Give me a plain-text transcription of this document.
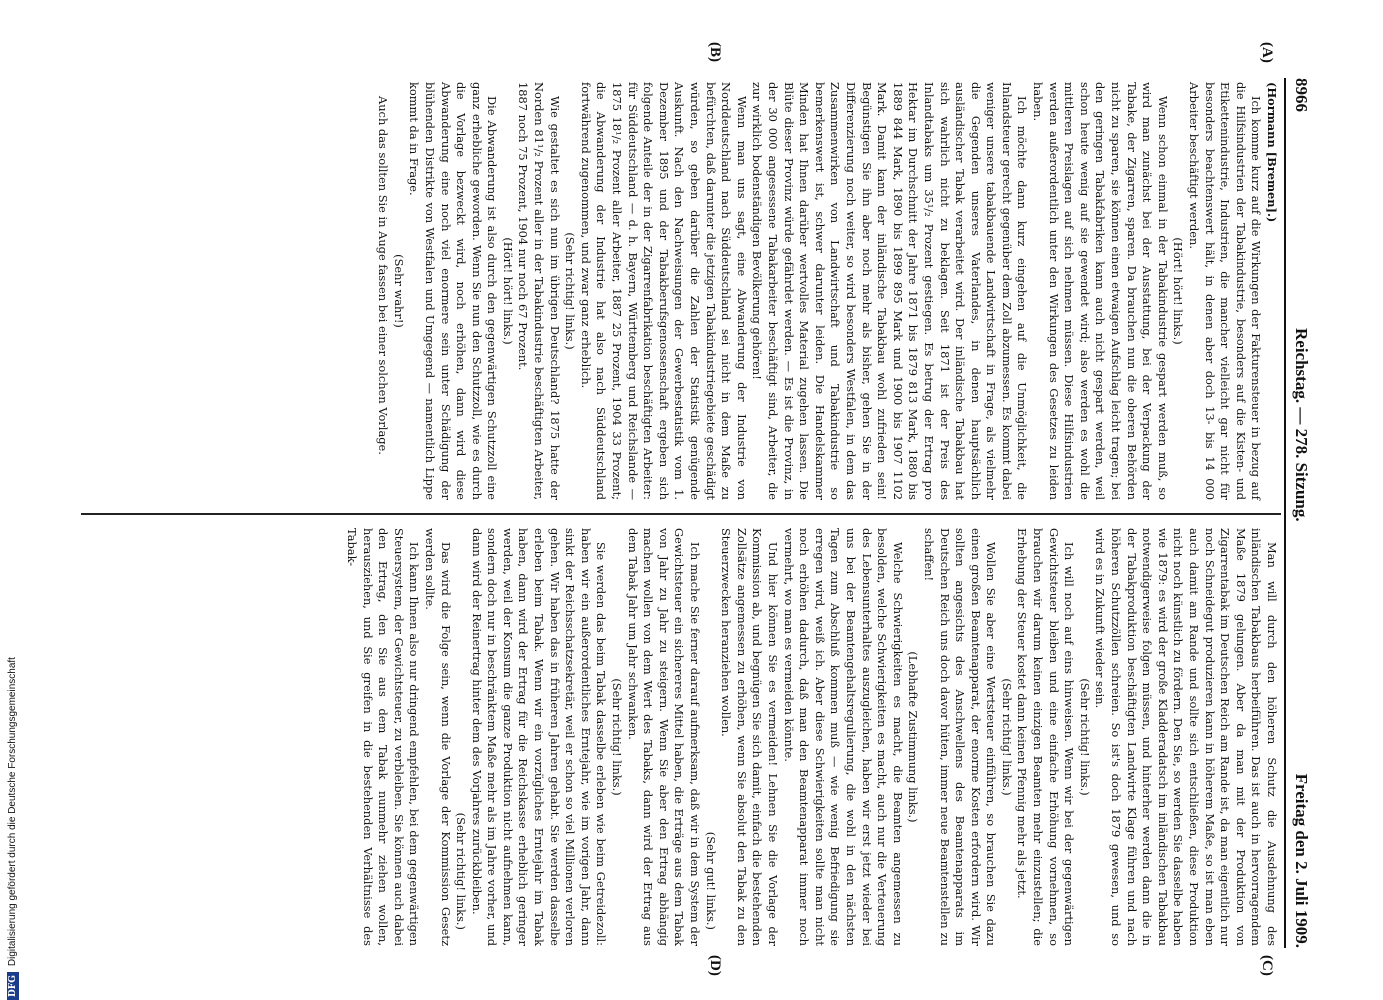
8966
Reichstag. — 278. Sitzung.
Freitag den 2. Juli 1909.
(A)
(B)
(C)
(D)

(Hormann [Bremen].)

Ich komme kurz auf die Wirkungen der Fakturensteuer in bezug auf die Hilfsindustrien der Tabakindustrie, besonders auf die Kisten- und Etikettenindustrie, Industrien, die mancher vielleicht gar nicht für besonders beachtenswert hält, in denen aber doch 13- bis 14 000 Arbeiter beschäftigt werden.

(Hört! hört! links.)

Wenn schon einmal in der Tabakindustrie gespart werden muß, so wird man zunächst bei der Ausstattung, bei der Verpackung der Tabake, der Zigarren, sparen. Da brauchen nun die oberen Behörden nicht zu sparen, sie können einen etwaigen Aufschlag leicht tragen; bei den geringen Tabakfabriken kann auch nicht gespart werden, weil schon heute wenig auf sie gewendet wird; also werden es wohl die mittleren Preislagen auf sich nehmen müssen. Diese Hilfsindustrien werden außerordentlich unter den Wirkungen des Gesetzes zu leiden haben.

Ich möchte dann kurz eingehen auf die Unmöglichkeit, die Inlandsteuer gerecht gegenüber dem Zoll abzumessen. Es kommt dabei weniger unsere tabakbauende Landwirtschaft in Frage, als vielmehr die Gegenden unseres Vaterlandes, in denen hauptsächlich ausländischer Tabak verarbeitet wird. Der inländische Tabakbau hat sich wahrlich nicht zu beklagen. Seit 1871 ist der Preis des Inlandtabaks um 35¹/₂ Prozent gestiegen. Es betrug der Ertrag pro Hektar im Durchschnitt der Jahre 1871 bis 1879 813 Mark, 1880 bis 1889 844 Mark, 1890 bis 1899 895 Mark und 1900 bis 1907 1102 Mark. Damit kann der inländische Tabakbau wohl zufrieden sein! Begünstigen Sie ihn aber noch mehr als bisher, gehen Sie in der Differenzierung noch weiter, so wird besonders Westfalen, in dem das Zusammenwirken von Landwirtschaft und Tabakindustrie so bemerkenswert ist, schwer darunter leiden. Die Handelskammer Minden hat Ihnen darüber wertvolles Material zugehen lassen. Die Blüte dieser Provinz würde gefährdet werden. — Es ist die Provinz, in der 30 000 angesessene Tabakarbeiter beschäftigt sind, Arbeiter, die zur wirklich bodenständigen Bevölkerung gehören!

Wenn man uns sagt, eine Abwanderung der Industrie von Norddeutschland nach Süddeutschland sei nicht in dem Maße zu befürchten, daß darunter die jetzigen Tabakindustriegebiete geschädigt würden, so geben darüber die Zahlen der Statistik genügende Auskunft. Nach den Nachweisungen der Gewerbestatistik vom 1. Dezember 1895 und der Tabakberufsgenossenschaft ergeben sich folgende Anteile der in der Zigarrenfabrikation beschäftigten Arbeiter: für Süddeutschland — d. h. Bayern, Württemberg und Reichslande — 1875 18¹/₂ Prozent aller Arbeiter, 1887 25 Prozent, 1904 33 Prozent; die Abwanderung der Industrie hat also nach Süddeutschland fortwährend zugenommen, und zwar ganz erheblich.

(Sehr richtig! links.)

Wie gestaltet es sich nun im übrigen Deutschland? 1875 hatte der Norden 81¹/₂ Prozent aller in der Tabakindustrie beschäftigten Arbeiter, 1887 noch 75 Prozent, 1904 nur noch 67 Prozent.

(Hört! hört! links.)

Die Abwanderung ist also durch den gegenwärtigen Schutzzoll eine ganz erhebliche geworden. Wenn Sie nun den Schutzzoll, wie es durch die Vorlage bezweckt wird, noch erhöhen, dann wird diese Abwanderung eine noch viel enormere sein unter Schädigung der blühenden Distrikte von Westfalen und Umgegend — namentlich Lippe kommt da in Frage.

(Sehr wahr!)

Auch das sollten Sie in Auge fassen bei einer solchen Vorlage.

Man will durch den höheren Schutz die Ausdehnung des inländischen Tabakbaus herbeiführen. Das ist auch in hervorragendem Maße 1879 gelungen. Aber da man mit der Produktion von Zigarrentabak im Deutschen Reich am Rande ist, da man eigentlich nur noch Schneidegut produzieren kann in höherem Maße, so ist man eben auch damit am Rande und sollte sich entschließen, diese Produktion nicht noch künstlich zu fördern. Den Sie, so werden Sie dasselbe haben wie 1879: es wird der große Kladderadatsch im inländischen Tabakbau notwendigerweise folgen müssen, und hinterher werden dann die in der Tabakproduktion beschäftigten Landwirte Klage führen und nach höheren Schutzzöllen schreien. So ist's doch 1879 gewesen, und so wird es in Zukunft wieder sein.

(Sehr richtig! links.)

Ich will noch auf eins hinweisen. Wenn wir bei der gegenwärtigen Gewichtsteuer bleiben und eine einfache Erhöhung vornehmen, so brauchen wir darum keinen einzigen Beamten mehr einzustellen; die Erhebung der Steuer kostet dann keinen Pfennig mehr als jetzt.

(Sehr richtig! links.)

Wollen Sie aber eine Wertsteuer einführen, so brauchen Sie dazu einen großen Beamtenapparat, der enorme Kosten erfordern wird. Wir sollten angesichts des Anschwellens des Beamtenapparats im Deutschen Reich uns doch davor hüten, immer neue Beamtenstellen zu schaffen!

(Lebhafte Zustimmung links.)

Welche Schwierigkeiten es macht, die Beamten angemessen zu besolden, welche Schwierigkeiten es macht, auch nur die Verteuerung des Lebensunterhaltes auszugleichen, haben wir erst jetzt wieder bei uns bei der Beamtengehaltsregulierung, die wohl in den nächsten Tagen zum Abschluß kommen muß — wie wenig Befriedigung sie erregen wird, weiß ich. Aber diese Schwierigkeiten sollte man nicht noch erhöhen dadurch, daß man den Beamtenapparat immer noch vermehrt, wo man es vermeiden könnte.

Und hier können Sie es vermeiden! Lehnen Sie die Vorlage der Kommission ab, und begnügen Sie sich damit, einfach die bestehenden Zollsätze angemessen zu erhöhen, wenn Sie absolut den Tabak zu den Steuerzwecken heranziehen wollen.

(Sehr gut! links.)

Ich mache Sie ferner darauf aufmerksam, daß wir in dem System der Gewichtsteuer ein sichereres Mittel haben, die Erträge aus dem Tabak von Jahr zu Jahr zu steigern. Wenn Sie aber den Ertrag abhängig machen wollen von dem Wert des Tabaks, dann wird der Ertrag aus dem Tabak Jahr um Jahr schwanken.

(Sehr richtig! links.)

Sie werden das beim Tabak dasselbe erleben wie beim Getreidezoll: haben wir ein außerordentliches Erntejahr, wie im vorigen Jahr, dann sinkt der Reichsschatzsekretär, weil er schon so viel Millionen verloren gehen. Wir haben das in früheren Jahren gehabt. Sie werden dasselbe erleben beim Tabak. Wenn wir ein vorzügliches Erntejahr im Tabak haben, dann wird der Ertrag für die Reichskasse erheblich geringer werden, weil der Konsum die ganze Produktion nicht aufnehmen kann, sondern doch nur in beschränktem Maße mehr als im Jahre vorher, und dann wird der Reinertrag hinter dem des Vorjahres zurückbleiben.

(Sehr richtig! links.)

Das wird die Folge sein, wenn die Vorlage der Kommission Gesetz werden sollte.

Ich kann Ihnen also nur dringend empfehlen, bei dem gegenwärtigen Steuersystem, der Gewichtsteuer, zu verbleiben. Sie können auch dabei den Ertrag, den Sie aus dem Tabak nunmehr ziehen wollen, herausziehen, und Sie greifen in die bestehenden Verhältnisse des Tabak-

DFGDigitalisierung gefördert durch die Deutsche Forschungsgemeinschaft
